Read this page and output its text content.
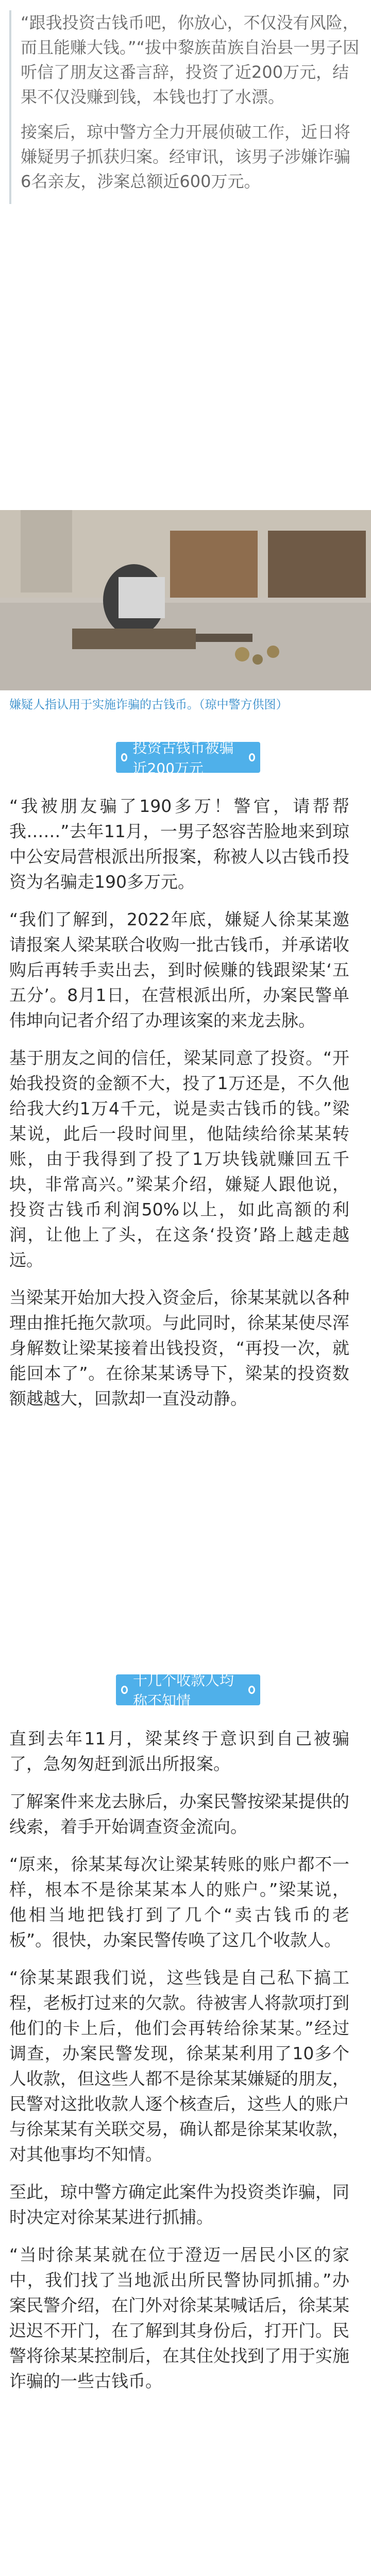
“跟我投资古钱币吧，你放心，不仅没有风险，而且能赚大钱。”“拔中黎族苗族自治县一男子因听信了朋友这番言辞，投资了近200万元，结果不仅没赚到钱，本钱也打了水漂。

接案后，琼中警方全力开展侦破工作，近日将嫌疑男子抓获归案。经审讯，该男子涉嫌诈骗6名亲友，涉案总额近600万元。

嫌疑人指认用于实施诈骗的古钱币。（琼中警方供图）
投资古钱币被骗近200万元

“我被朋友骗了190多万！警官，请帮帮我……”去年11月，一男子怒容苦脸地来到琼中公安局营根派出所报案，称被人以古钱币投资为名骗走190多万元。

“我们了解到，2022年底，嫌疑人徐某某邀请报案人梁某联合收购一批古钱币，并承诺收购后再转手卖出去，到时候赚的钱跟梁某‘五五分’。8月1日，在营根派出所，办案民警单伟坤向记者介绍了办理该案的来龙去脉。

基于朋友之间的信任，梁某同意了投资。“开始我投资的金额不大，投了1万还是，不久他给我大约1万4千元，说是卖古钱币的钱。”梁某说，此后一段时间里，他陆续给徐某某转账，由于我得到了投了1万块钱就赚回五千块，非常高兴。”梁某介绍，嫌疑人跟他说，投资古钱币利润50%以上，如此高额的利润，让他上了头，在这条‘投资’路上越走越远。

当梁某开始加大投入资金后，徐某某就以各种理由推托拖欠款项。与此同时，徐某某使尽浑身解数让梁某接着出钱投资，“再投一次，就能回本了”。在徐某某诱导下，梁某的投资数额越越大，回款却一直没动静。

十几个收款人均称不知情

直到去年11月，梁某终于意识到自己被骗了，急匆匆赶到派出所报案。

了解案件来龙去脉后，办案民警按梁某提供的线索，着手开始调查资金流向。

“原来，徐某某每次让梁某转账的账户都不一样，根本不是徐某某本人的账户。”梁某说，他相当地把钱打到了几个“卖古钱币的老板”。很快，办案民警传唤了这几个收款人。

“徐某某跟我们说，这些钱是自己私下搞工程，老板打过来的欠款。待被害人将款项打到他们的卡上后，他们会再转给徐某某。”经过调查，办案民警发现，徐某某利用了10多个人收款，但这些人都不是徐某某嫌疑的朋友，民警对这批收款人逐个核查后，这些人的账户与徐某某有关联交易，确认都是徐某某收款，对其他事均不知情。

至此，琼中警方确定此案件为投资类诈骗，同时决定对徐某某进行抓捕。

“当时徐某某就在位于澄迈一居民小区的家中，我们找了当地派出所民警协同抓捕。”办案民警介绍，在门外对徐某某喊话后，徐某某迟迟不开门，在了解到其身份后，打开门。民警将徐某某控制后，在其住处找到了用于实施诈骗的一些古钱币。
